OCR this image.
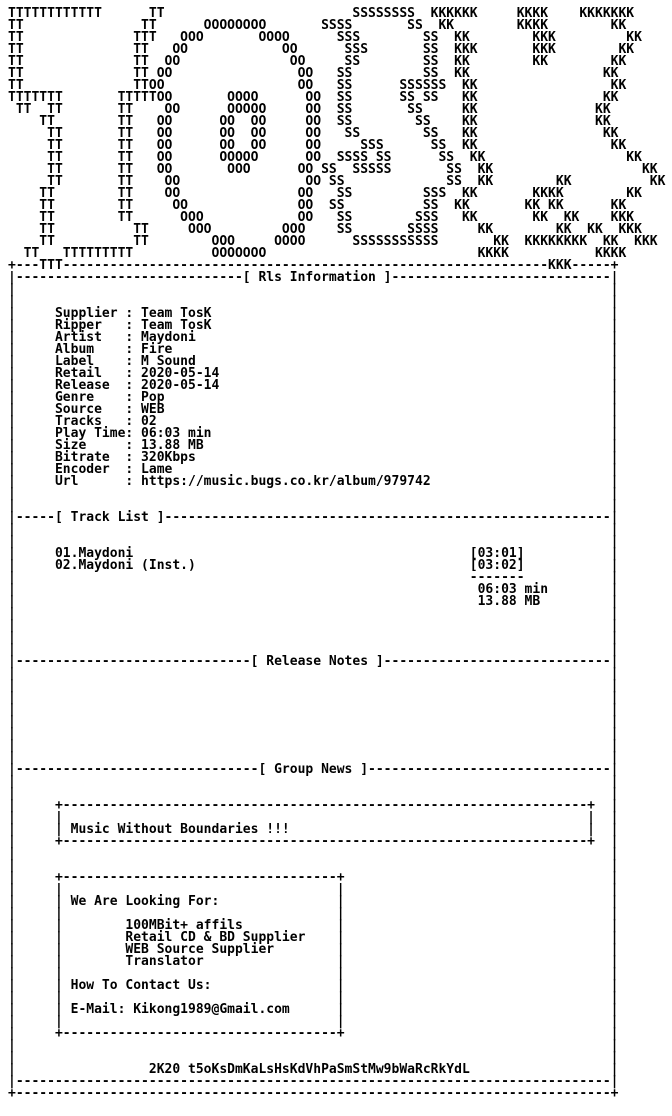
TTTTTTTTTTTT      TT                        SSSSSSSS  KKKKKK     KKKK    KKKKKKK
TT               TT      OOOOOOOO       SSSS       SS  KK        KKKK        KK
TT              TTT   OOO       OOOO      SSS        SS  KK        KKK         KK
TT              TT   OO            OO      SSS       SS  KKK       KKK        KK
TT              TT  OO              OO     SS        SS  KK        KK        KK
TT              TT OO                OO   SS         SS  KK                 KK
TT              TTOO                 OO   SS      SSSSSS  KK                 KK
TTTTTTT       TTTTTOO       OOOO      OO  SS      SS SS   KK                KK
TT  TT       TT    OO      OOOOO     OO  SS       SS     KK               KK
TT        TT   OO      OO  OO     OO  SS        SS    KK               KK
TT       TT   OO      OO  OO     OO   SS        SS   KK                KK
TT       TT   OO      OO  OO     OO     SSS      SS  KK                 KK
TT       TT   OO      OOOOO      OO  SSSS SS      SS  KK                  KK
TT       TT   OO       OOO      OO SS  SSSSS       SS  KK                   KK
TT       TT    OO                OO SS             SS  KK        KK          KK
TT        TT    OO               OO   SS         SSS  KK       KKKK        KK
TT        TT     OO              OO  SS          SS  KK       KK KK      KK
TT        TT      OOO            OO   SS        SSS   KK       KK  KK    KKK
TT          TT     OOO         OOO    SS       SSSS     KK        KK  KK  KKK
TT          TT        OOO     OOOO      SSSSSSSSSSS       KK  KKKKKKKK  KK  KKK
TT   TTTTTTTTT          OOOOOOO                           KKKK           KKKK
+---TTT--------------------------------------------------------------KKK-----+
|-----------------------------[ Rls Information ]----------------------------|
|                                                                            |
|                                                                            |
|     Supplier : Team TosK                                                   |
|     Ripper   : Team TosK                                                   |
|     Artist   : Maydoni                                                     |
|     Album    : Fire                                                        |
|     Label    : M Sound                                                     |
|     Retail   : 2020-05-14                                                  |
|     Release  : 2020-05-14                                                  |
|     Genre    : Pop                                                         |
|     Source   : WEB                                                         |
|     Tracks   : 02                                                          |
|     Play Time: 06:03 min                                                   |
|     Size     : 13.88 MB                                                    |
|     Bitrate  : 320Kbps                                                     |
|     Encoder  : Lame                                                        |
|     Url      : https://music.bugs.co.kr/album/979742                       |
|                                                                            |
|                                                                            |
|-----[ Track List ]---------------------------------------------------------|
|                                                                            |
|                                                                            |
|     01.Maydoni                                           [03:01]           |
|     02.Maydoni (Inst.)                                   [03:02]           |
|                                                          -------           |
|                                                           06:03 min        |
|                                                           13.88 MB         |
|                                                                            |
|                                                                            |
|                                                                            |
|                                                                            |
|------------------------------[ Release Notes ]-----------------------------|
|                                                                            |
|                                                                            |
|                                                                            |
|                                                                            |
|                                                                            |
|                                                                            |
|                                                                            |
|                                                                            |
|-------------------------------[ Group News ]-------------------------------|
|                                                                            |
|                                                                            |
|     +-------------------------------------------------------------------+  |
|     |                                                                   |  |
|     | Music Without Boundaries !!!                                      |  |
|     +-------------------------------------------------------------------+  |
|                                                                            |
|                                                                            |
|     +-----------------------------------+                                  |
|     |                                   |                                  |
|     | We Are Looking For:               |                                  |
|     |                                   |                                  |
|     |        100MBit+ affils            |                                  |
|     |        Retail CD & BD Supplier    |                                  |
|     |        WEB Source Supplier        |                                  |
|     |        Translator                 |                                  |
|     |                                   |                                  |
|     | How To Contact Us:                |                                  |
|     |                                   |                                  |
|     | E-Mail: Kikong1989@Gmail.com      |                                  |
|     |                                   |                                  |
|     +-----------------------------------+                                  |
|                                                                            |
|                                                                            |
|                 2K20 t5oKsDmKaLsHsKdVhPaSmStMw9bWaRcRkYdL                  |
|----------------------------------------------------------------------------|
+----------------------------------------------------------------------------+
